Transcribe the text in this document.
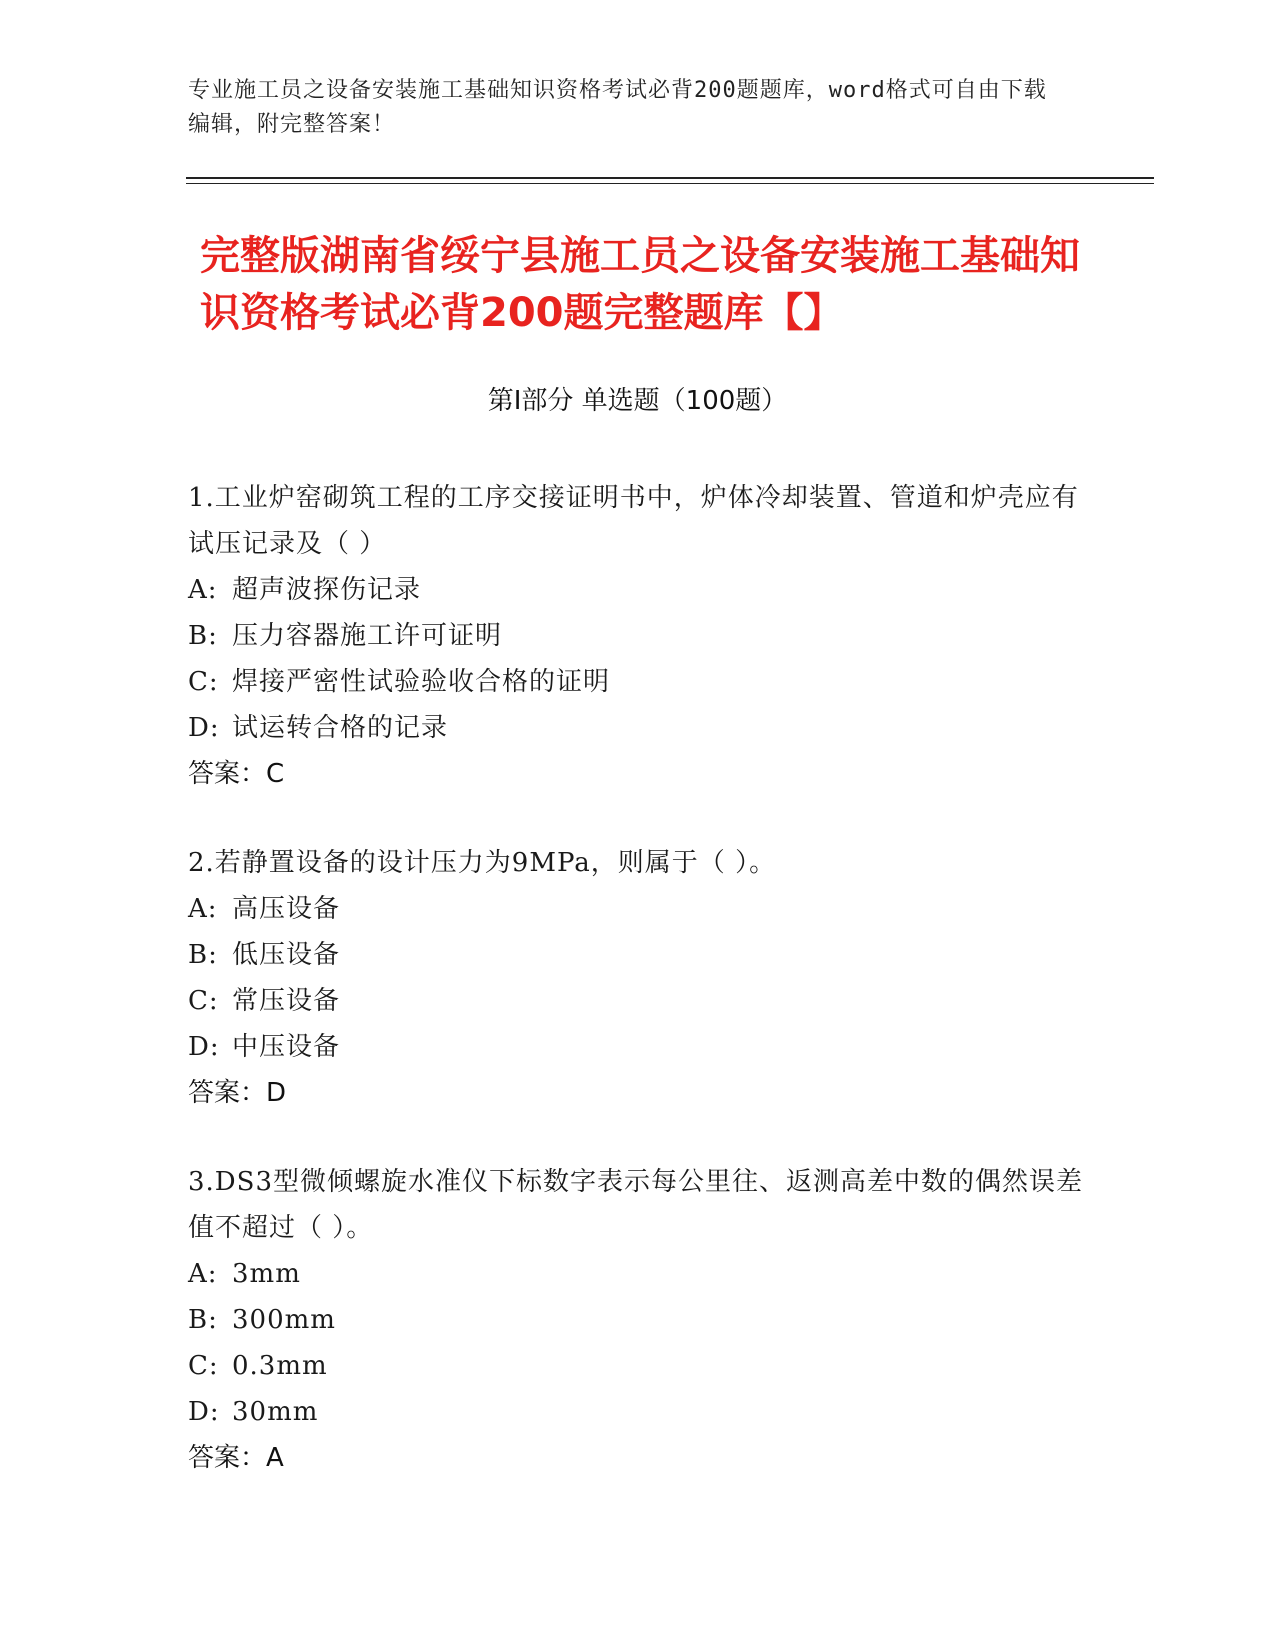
专业施工员之设备安装施工基础知识资格考试必背200题题库，word格式可自由下载编辑，附完整答案！
完整版湖南省绥宁县施工员之设备安装施工基础知识资格考试必背200题完整题库【】
第Ⅰ部分 单选题（100题）
1.工业炉窑砌筑工程的工序交接证明书中，炉体冷却装置、管道和炉壳应有试压记录及（ ）
A: 超声波探伤记录
B: 压力容器施工许可证明
C: 焊接严密性试验验收合格的证明
D: 试运转合格的记录
答案：C
2.若静置设备的设计压力为9MPa，则属于（ ）。
A: 高压设备
B: 低压设备
C: 常压设备
D: 中压设备
答案：D
3.DS3型微倾螺旋水准仪下标数字表示每公里往、返测高差中数的偶然误差值不超过（ ）。
A: 3mm
B: 300mm
C: 0.3mm
D: 30mm
答案：A
